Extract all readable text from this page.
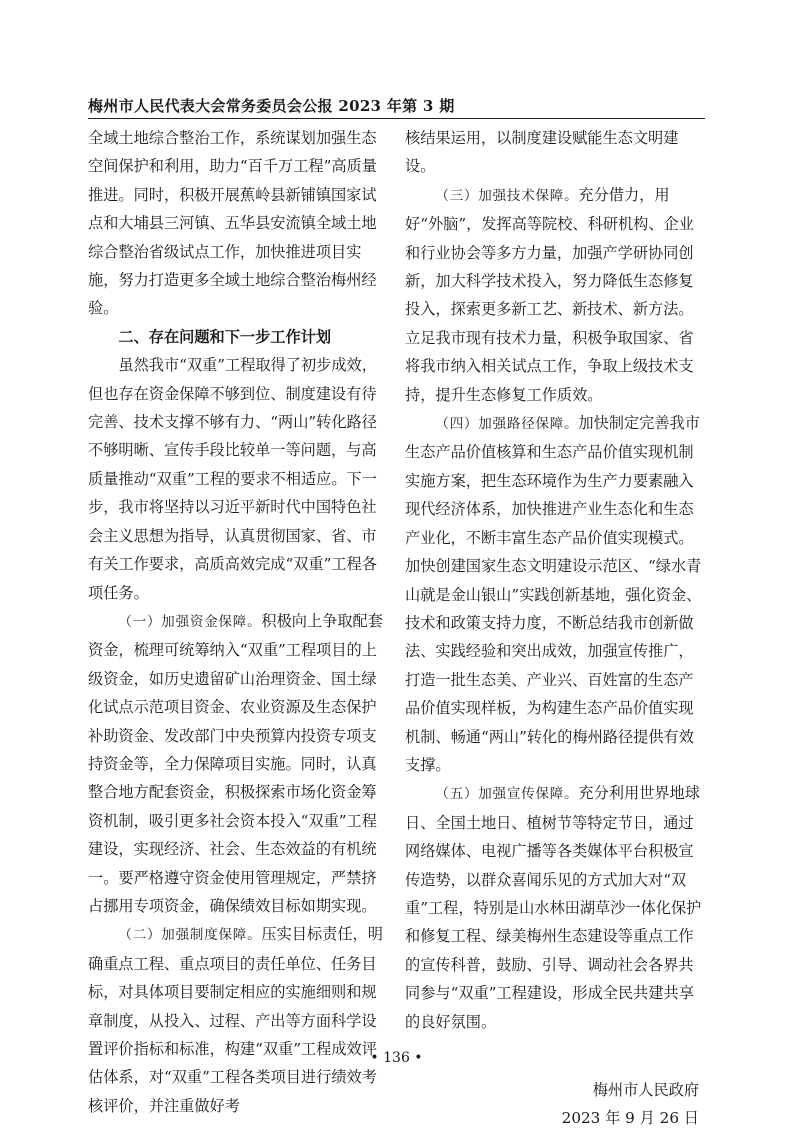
梅州市人民代表大会常务委员会公报 2023 年第 3 期

全域土地综合整治工作，系统谋划加强生态空间保护和利用，助力“百千万工程”高质量推进。同时，积极开展蕉岭县新铺镇国家试点和大埔县三河镇、五华县安流镇全域土地综合整治省级试点工作，加快推进项目实施，努力打造更多全域土地综合整治梅州经验。

二、存在问题和下一步工作计划

虽然我市“双重”工程取得了初步成效，但也存在资金保障不够到位、制度建设有待完善、技术支撑不够有力、“两山”转化路径不够明晰、宣传手段比较单一等问题，与高质量推动“双重”工程的要求不相适应。下一步，我市将坚持以习近平新时代中国特色社会主义思想为指导，认真贯彻国家、省、市有关工作要求，高质高效完成“双重”工程各项任务。

（一）加强资金保障。积极向上争取配套资金，梳理可统筹纳入“双重”工程项目的上级资金，如历史遗留矿山治理资金、国土绿化试点示范项目资金、农业资源及生态保护补助资金、发改部门中央预算内投资专项支持资金等，全力保障项目实施。同时，认真整合地方配套资金，积极探索市场化资金筹资机制，吸引更多社会资本投入“双重”工程建设，实现经济、社会、生态效益的有机统一。要严格遵守资金使用管理规定，严禁挤占挪用专项资金，确保绩效目标如期实现。

（二）加强制度保障。压实目标责任，明确重点工程、重点项目的责任单位、任务目标，对具体项目要制定相应的实施细则和规章制度，从投入、过程、产出等方面科学设置评价指标和标准，构建“双重”工程成效评估体系，对“双重”工程各类项目进行绩效考核评价，并注重做好考

核结果运用，以制度建设赋能生态文明建设。

（三）加强技术保障。充分借力，用好“外脑”，发挥高等院校、科研机构、企业和行业协会等多方力量，加强产学研协同创新，加大科学技术投入，努力降低生态修复投入，探索更多新工艺、新技术、新方法。立足我市现有技术力量，积极争取国家、省将我市纳入相关试点工作，争取上级技术支持，提升生态修复工作质效。

（四）加强路径保障。加快制定完善我市生态产品价值核算和生态产品价值实现机制实施方案，把生态环境作为生产力要素融入现代经济体系，加快推进产业生态化和生态产业化，不断丰富生态产品价值实现模式。加快创建国家生态文明建设示范区、“绿水青山就是金山银山”实践创新基地，强化资金、技术和政策支持力度，不断总结我市创新做法、实践经验和突出成效，加强宣传推广，打造一批生态美、产业兴、百姓富的生态产品价值实现样板，为构建生态产品价值实现机制、畅通“两山”转化的梅州路径提供有效支撑。

（五）加强宣传保障。充分利用世界地球日、全国土地日、植树节等特定节日，通过网络媒体、电视广播等各类媒体平台积极宣传造势，以群众喜闻乐见的方式加大对“双重”工程，特别是山水林田湖草沙一体化保护和修复工程、绿美梅州生态建设等重点工作的宣传科普，鼓励、引导、调动社会各界共同参与“双重”工程建设，形成全民共建共享的良好氛围。

梅州市人民政府

2023 年 9 月 26 日

• 136 •
